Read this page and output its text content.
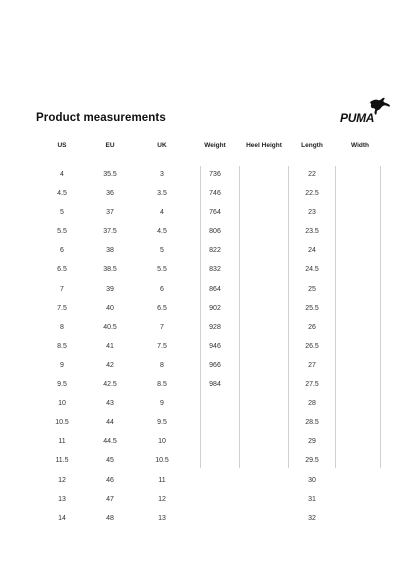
Product measurements	PUMA
US
4
4.5
5
5.5
6
6.5
7
7.5
8
8.5
9
9.5
10
10.5
11
11.5
12
13
14
EU
35.5
36
37
37.5
38
38.5
39
40
40.5
41
42
42.5
43
44
44.5
45
46
47
48
UK
3
3.5
4
4.5
5
5.5
6
6.5
7
7.5
8
8.5
9
9.5
10
10.5
11
12
13
Weight
736
746
764
806
822
832
864
902
928
946
966
984
Heel Height	Length
22
22.5
23
23.5
24
24.5
25
25.5
26
26.5
27
27.5
28
28.5
29
29.5
30
31
32
Width
